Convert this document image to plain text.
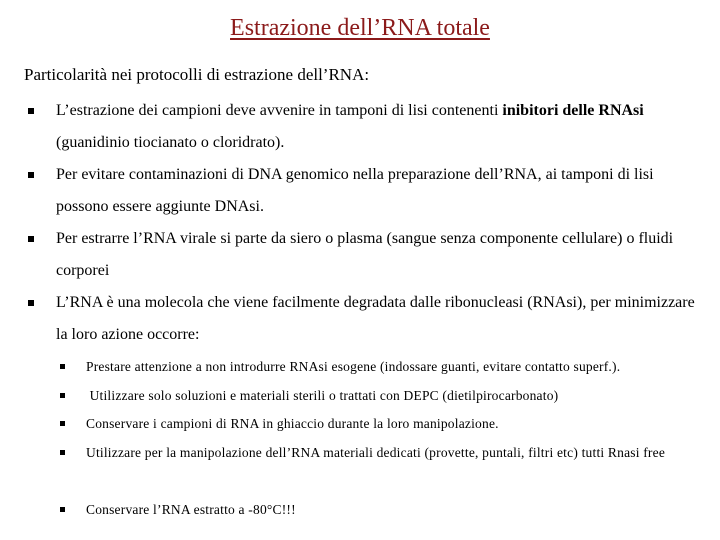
Estrazione dell’RNA totale
Particolarità nei protocolli di estrazione dell’RNA:
L’estrazione dei campioni deve avvenire in tamponi di lisi contenenti inibitori delle RNAsi (guanidinio tiocianato o cloridrato).
Per evitare contaminazioni di DNA genomico nella preparazione dell’RNA, ai tamponi di lisi possono essere aggiunte DNAsi.
Per estrarre l’RNA virale si parte da siero o plasma (sangue senza componente cellulare) o fluidi corporei
L’RNA è una molecola che viene facilmente degradata dalle ribonucleasi (RNAsi), per minimizzare la loro azione occorre:
Prestare attenzione a non introdurre RNAsi esogene (indossare guanti, evitare contatto superf.).
Utilizzare solo soluzioni e materiali sterili o trattati con DEPC (dietilpirocarbonato)
Conservare i campioni di RNA in ghiaccio durante la loro manipolazione.
Utilizzare per la manipolazione dell’RNA materiali dedicati (provette, puntali, filtri etc) tutti Rnasi free
Conservare l’RNA estratto a -80°C!!!
